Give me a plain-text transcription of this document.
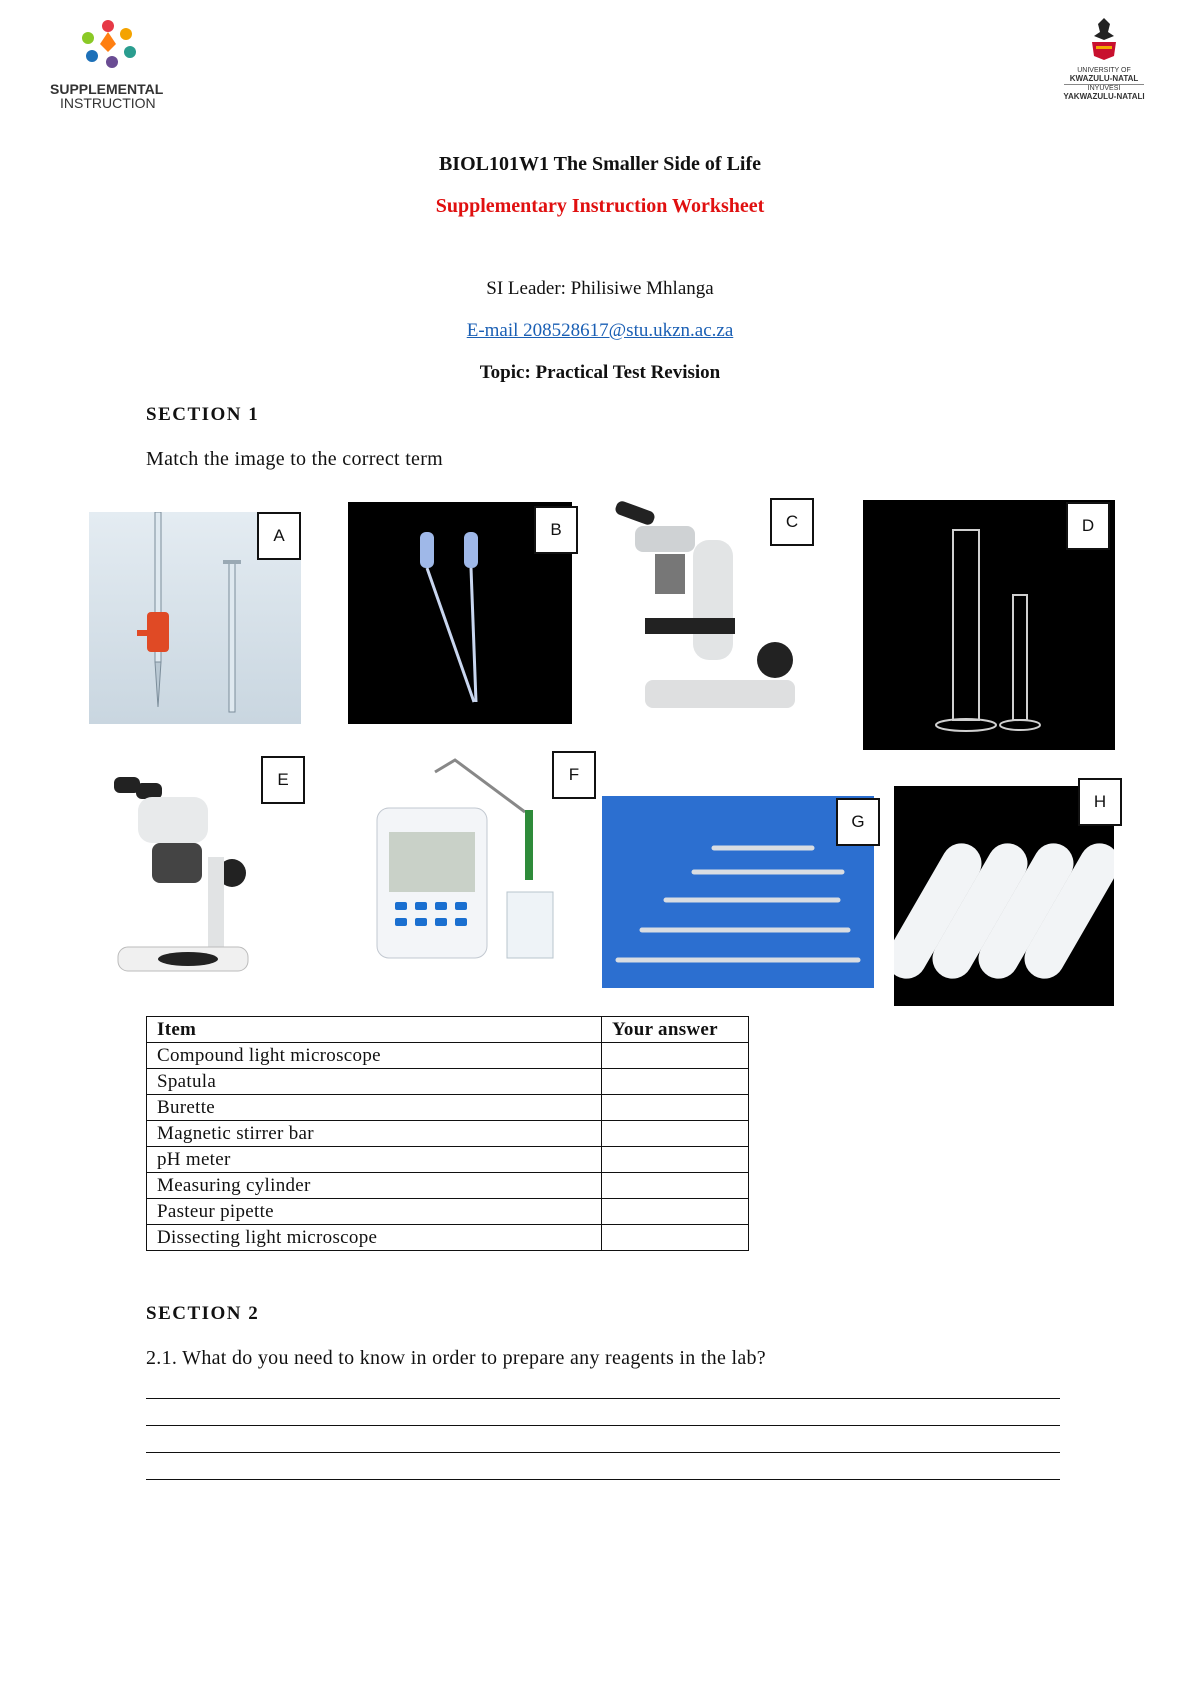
SUPPLEMENTAL
INSTRUCTION
UNIVERSITY OF
KWAZULU-NATAL
INYUVESI
YAKWAZULU-NATALI
BIOL101W1 The Smaller Side of Life
Supplementary Instruction Worksheet
SI Leader: Philisiwe Mhlanga
E-mail 208528617@stu.ukzn.ac.za
Topic: Practical Test Revision
SECTION 1
Match the image to the correct term
A	B	C	D
E	F
G
H
Item	Your answer
Compound light microscope	
Spatula	
Burette	
Magnetic stirrer bar	
pH meter	
Measuring cylinder	
Pasteur pipette	
Dissecting light microscope	
SECTION 2
2.1. What do you need to know in order to prepare any reagents in the lab?
